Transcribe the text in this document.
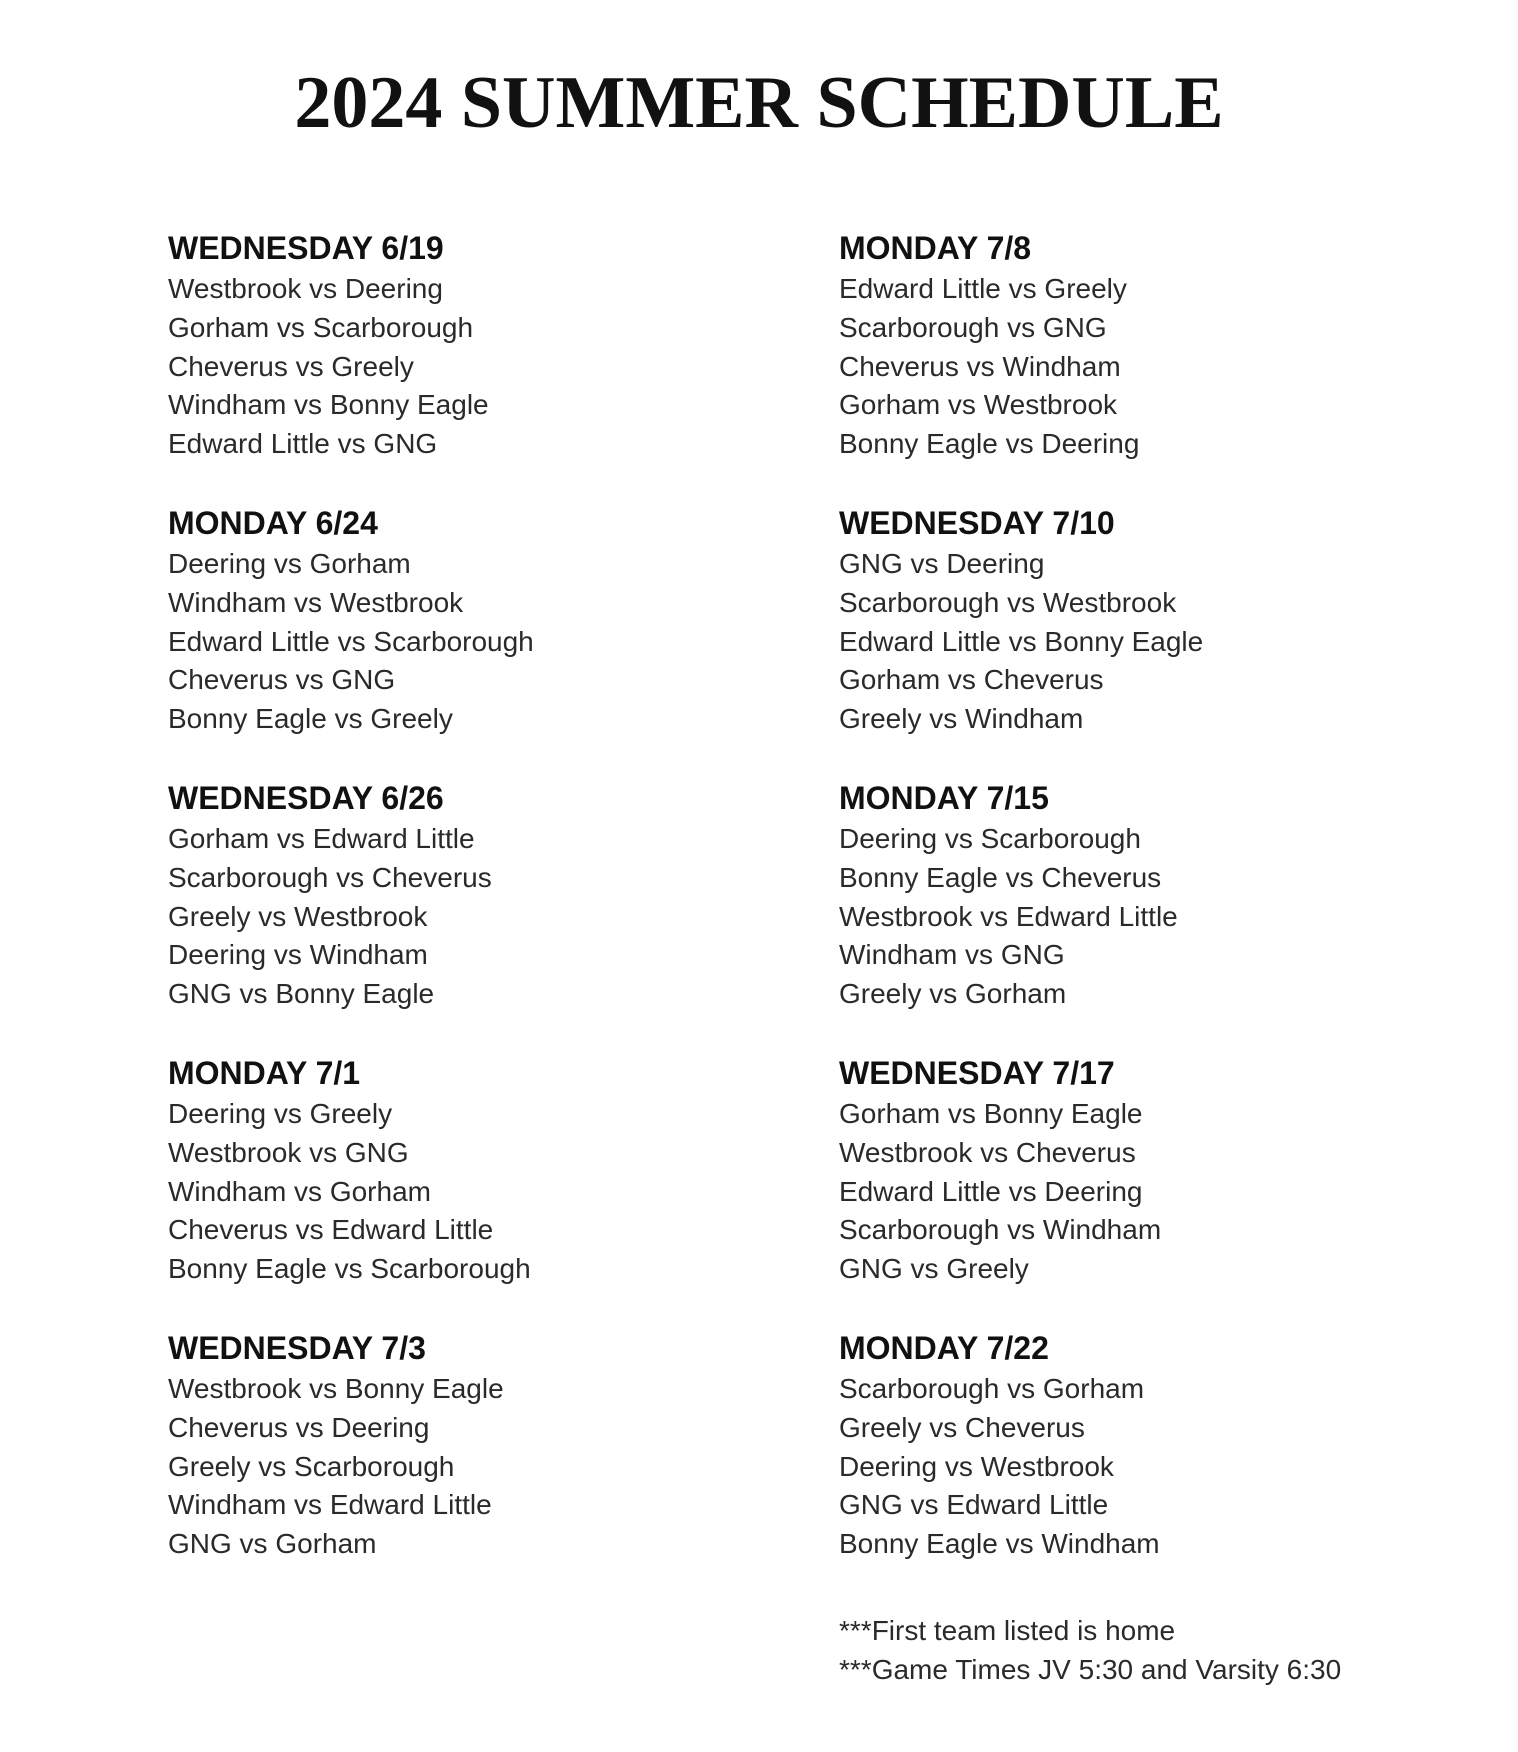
2024 SUMMER SCHEDULE
WEDNESDAY 6/19
Westbrook vs Deering
Gorham vs Scarborough
Cheverus vs Greely
Windham vs Bonny Eagle
Edward Little vs GNG
MONDAY 6/24
Deering vs Gorham
Windham vs Westbrook
Edward Little vs Scarborough
Cheverus vs GNG
Bonny Eagle vs Greely
WEDNESDAY 6/26
Gorham vs Edward Little
Scarborough vs Cheverus
Greely vs Westbrook
Deering vs Windham
GNG vs Bonny Eagle
MONDAY 7/1
Deering vs Greely
Westbrook vs GNG
Windham vs Gorham
Cheverus vs Edward Little
Bonny Eagle vs Scarborough
WEDNESDAY 7/3
Westbrook vs Bonny Eagle
Cheverus vs Deering
Greely vs Scarborough
Windham vs Edward Little
GNG vs Gorham
MONDAY 7/8
Edward Little vs Greely
Scarborough vs GNG
Cheverus vs Windham
Gorham vs Westbrook
Bonny Eagle vs Deering
WEDNESDAY 7/10
GNG vs Deering
Scarborough vs Westbrook
Edward Little vs Bonny Eagle
Gorham vs Cheverus
Greely vs Windham
MONDAY 7/15
Deering vs Scarborough
Bonny Eagle vs Cheverus
Westbrook vs Edward Little
Windham vs GNG
Greely vs Gorham
WEDNESDAY 7/17
Gorham vs Bonny Eagle
Westbrook vs Cheverus
Edward Little vs Deering
Scarborough vs Windham
GNG vs Greely
MONDAY 7/22
Scarborough vs Gorham
Greely vs Cheverus
Deering vs Westbrook
GNG vs Edward Little
Bonny Eagle vs Windham
***First team listed is home
***Game Times JV 5:30 and Varsity 6:30
